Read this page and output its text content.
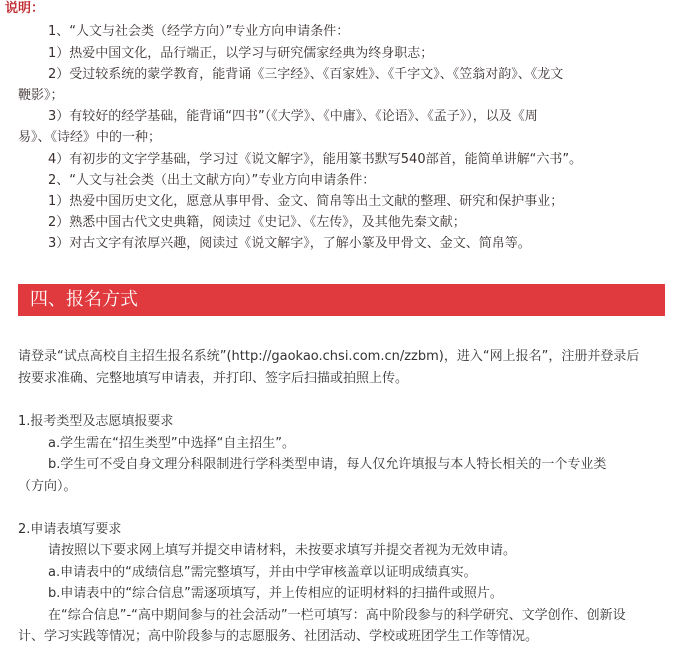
说明：
1、“人文与社会类（经学方向）”专业方向申请条件：
1）热爱中国文化，品行端正，以学习与研究儒家经典为终身职志；
2）受过较系统的蒙学教育，能背诵《三字经》、《百家姓》、《千字文》、《笠翁对韵》、《龙文
鞭影》；
3）有较好的经学基础，能背诵“四书”（《大学》、《中庸》、《论语》、《孟子》），以及《周
易》、《诗经》中的一种；
4）有初步的文字学基础，学习过《说文解字》，能用篆书默写540部首，能简单讲解“六书”。
2、“人文与社会类（出土文献方向）”专业方向申请条件：
1）热爱中国历史文化，愿意从事甲骨、金文、简帛等出土文献的整理、研究和保护事业；
2）熟悉中国古代文史典籍，阅读过《史记》、《左传》，及其他先秦文献；
3）对古文字有浓厚兴趣，阅读过《说文解字》，了解小篆及甲骨文、金文、简帛等。
四、报名方式
请登录“试点高校自主招生报名系统”(http://gaokao.chsi.com.cn/zzbm)，进入“网上报名”，注册并登录后
按要求准确、完整地填写申请表，并打印、签字后扫描或拍照上传。
1.报考类型及志愿填报要求
a.学生需在“招生类型”中选择“自主招生”。
b.学生可不受自身文理分科限制进行学科类型申请，每人仅允许填报与本人特长相关的一个专业类
（方向）。
2.申请表填写要求
请按照以下要求网上填写并提交申请材料，未按要求填写并提交者视为无效申请。
a.申请表中的“成绩信息”需完整填写，并由中学审核盖章以证明成绩真实。
b.申请表中的“综合信息”需逐项填写，并上传相应的证明材料的扫描件或照片。
在“综合信息”-“高中期间参与的社会活动”一栏可填写：高中阶段参与的科学研究、文学创作、创新设
计、学习实践等情况；高中阶段参与的志愿服务、社团活动、学校或班团学生工作等情况。
